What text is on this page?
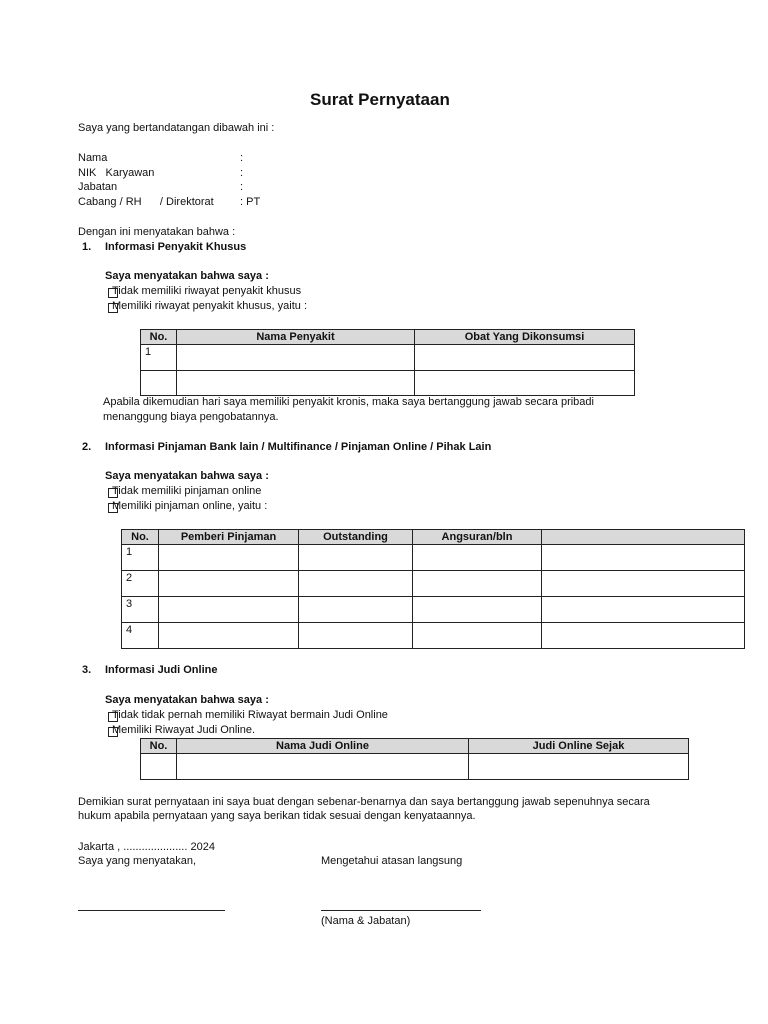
Surat Pernyataan
Saya yang bertandatangan dibawah ini :
Nama	:
NIK   Karyawan	:
Jabatan	:
Cabang / RH      / Direktorat : PT
Dengan ini menyatakan bahwa :
1. Informasi Penyakit Khusus
Saya menyatakan bahwa saya :
Tidak memiliki riwayat penyakit khusus
Memiliki riwayat penyakit khusus, yaitu :
No.	Nama Penyakit	Obat Yang Dikonsumsi
1		

Apabila dikemudian hari saya memiliki penyakit kronis, maka saya bertanggung jawab secara pribadi
menanggung biaya pengobatannya.
2. Informasi Pinjaman Bank lain / Multifinance / Pinjaman Online / Pihak Lain
Saya menyatakan bahwa saya :
Tidak memiliki pinjaman online
Memiliki pinjaman online, yaitu :
No.	Pemberi Pinjaman	Outstanding	Angsuran/bln	
1				
2				
3				
4				
3. Informasi Judi Online
Saya menyatakan bahwa saya :
Tidak tidak pernah memiliki Riwayat bermain Judi Online
Memiliki Riwayat Judi Online.
No.	Nama Judi Online	Judi Online Sejak

Demikian surat pernyataan ini saya buat dengan sebenar-benarnya dan saya bertanggung jawab sepenuhnya secara
hukum apabila pernyataan yang saya berikan tidak sesuai dengan kenyataannya.
Jakarta , ..................... 2024
Saya yang menyatakan,	Mengetahui atasan langsung
(Nama & Jabatan)
